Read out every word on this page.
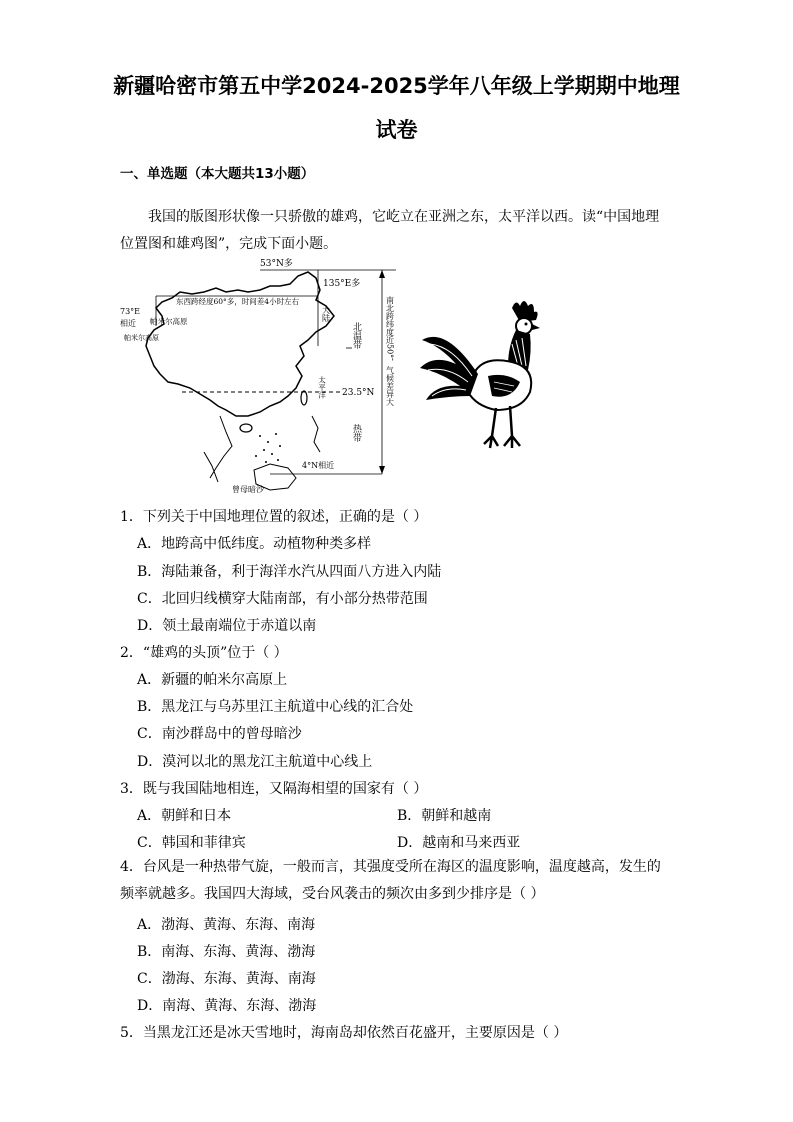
新疆哈密市第五中学2024-2025学年八年级上学期期中地理
试卷
一、单选题（本大题共13小题）

我国的版图形状像一只骄傲的雄鸡，它屹立在亚洲之东，太平洋以西。读“中国地理位置图和雄鸡图”，完成下面小题。

53°N多
135°E多
东西跨经度60°多，时间差4小时左右
帕米尔高原
73°E
相近
帕米尔高原
大陆
北温带
23.5°N
太平洋
热带
4°N相近
曾母暗沙
南北跨纬度近50°，气候差异大

1．下列关于中国地理位置的叙述，正确的是（ ）

A．地跨高中低纬度。动植物种类多样
B．海陆兼备，利于海洋水汽从四面八方进入内陆
C．北回归线横穿大陆南部，有小部分热带范围
D．领土最南端位于赤道以南

2．“雄鸡的头顶”位于（ ）

A．新疆的帕米尔高原上
B．黑龙江与乌苏里江主航道中心线的汇合处
C．南沙群岛中的曾母暗沙
D．漠河以北的黑龙江主航道中心线上

3．既与我国陆地相连，又隔海相望的国家有（ ）

A．朝鲜和日本	B．朝鲜和越南
C．韩国和菲律宾	D．越南和马来西亚

4．台风是一种热带气旋，一般而言，其强度受所在海区的温度影响，温度越高，发生的频率就越多。我国四大海域，受台风袭击的频次由多到少排序是（ ）

A．渤海、黄海、东海、南海
B．南海、东海、黄海、渤海
C．渤海、东海、黄海、南海
D．南海、黄海、东海、渤海

5．当黑龙江还是冰天雪地时，海南岛却依然百花盛开，主要原因是（ ）
